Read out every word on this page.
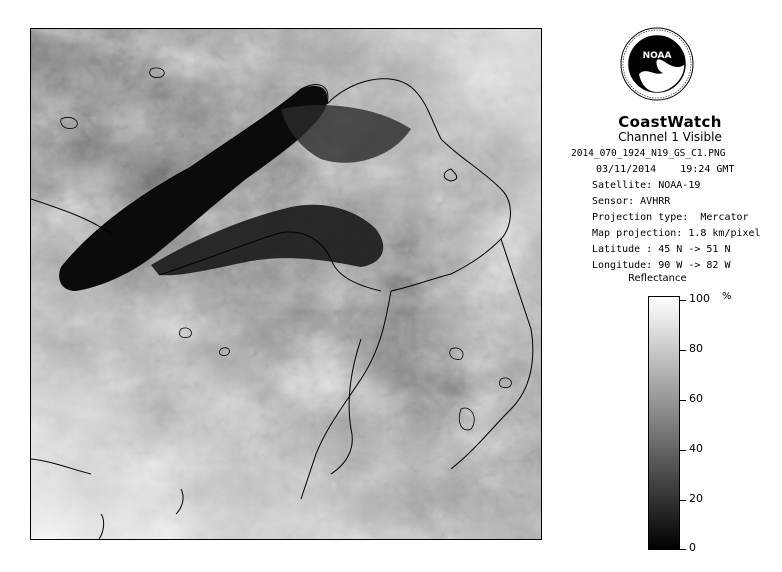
NOAA
CoastWatch
Channel 1 Visible
2014_070_1924_N19_GS_C1.PNG
03/11/2014    19:24 GMT
Satellite: NOAA-19
Sensor: AVHRR
Projection type:  Mercator
Map projection: 1.8 km/pixel
Latitude : 45 N -> 51 N
Longitude: 90 W -> 82 W
Reflectance
%
100
80
60
40
20
0
